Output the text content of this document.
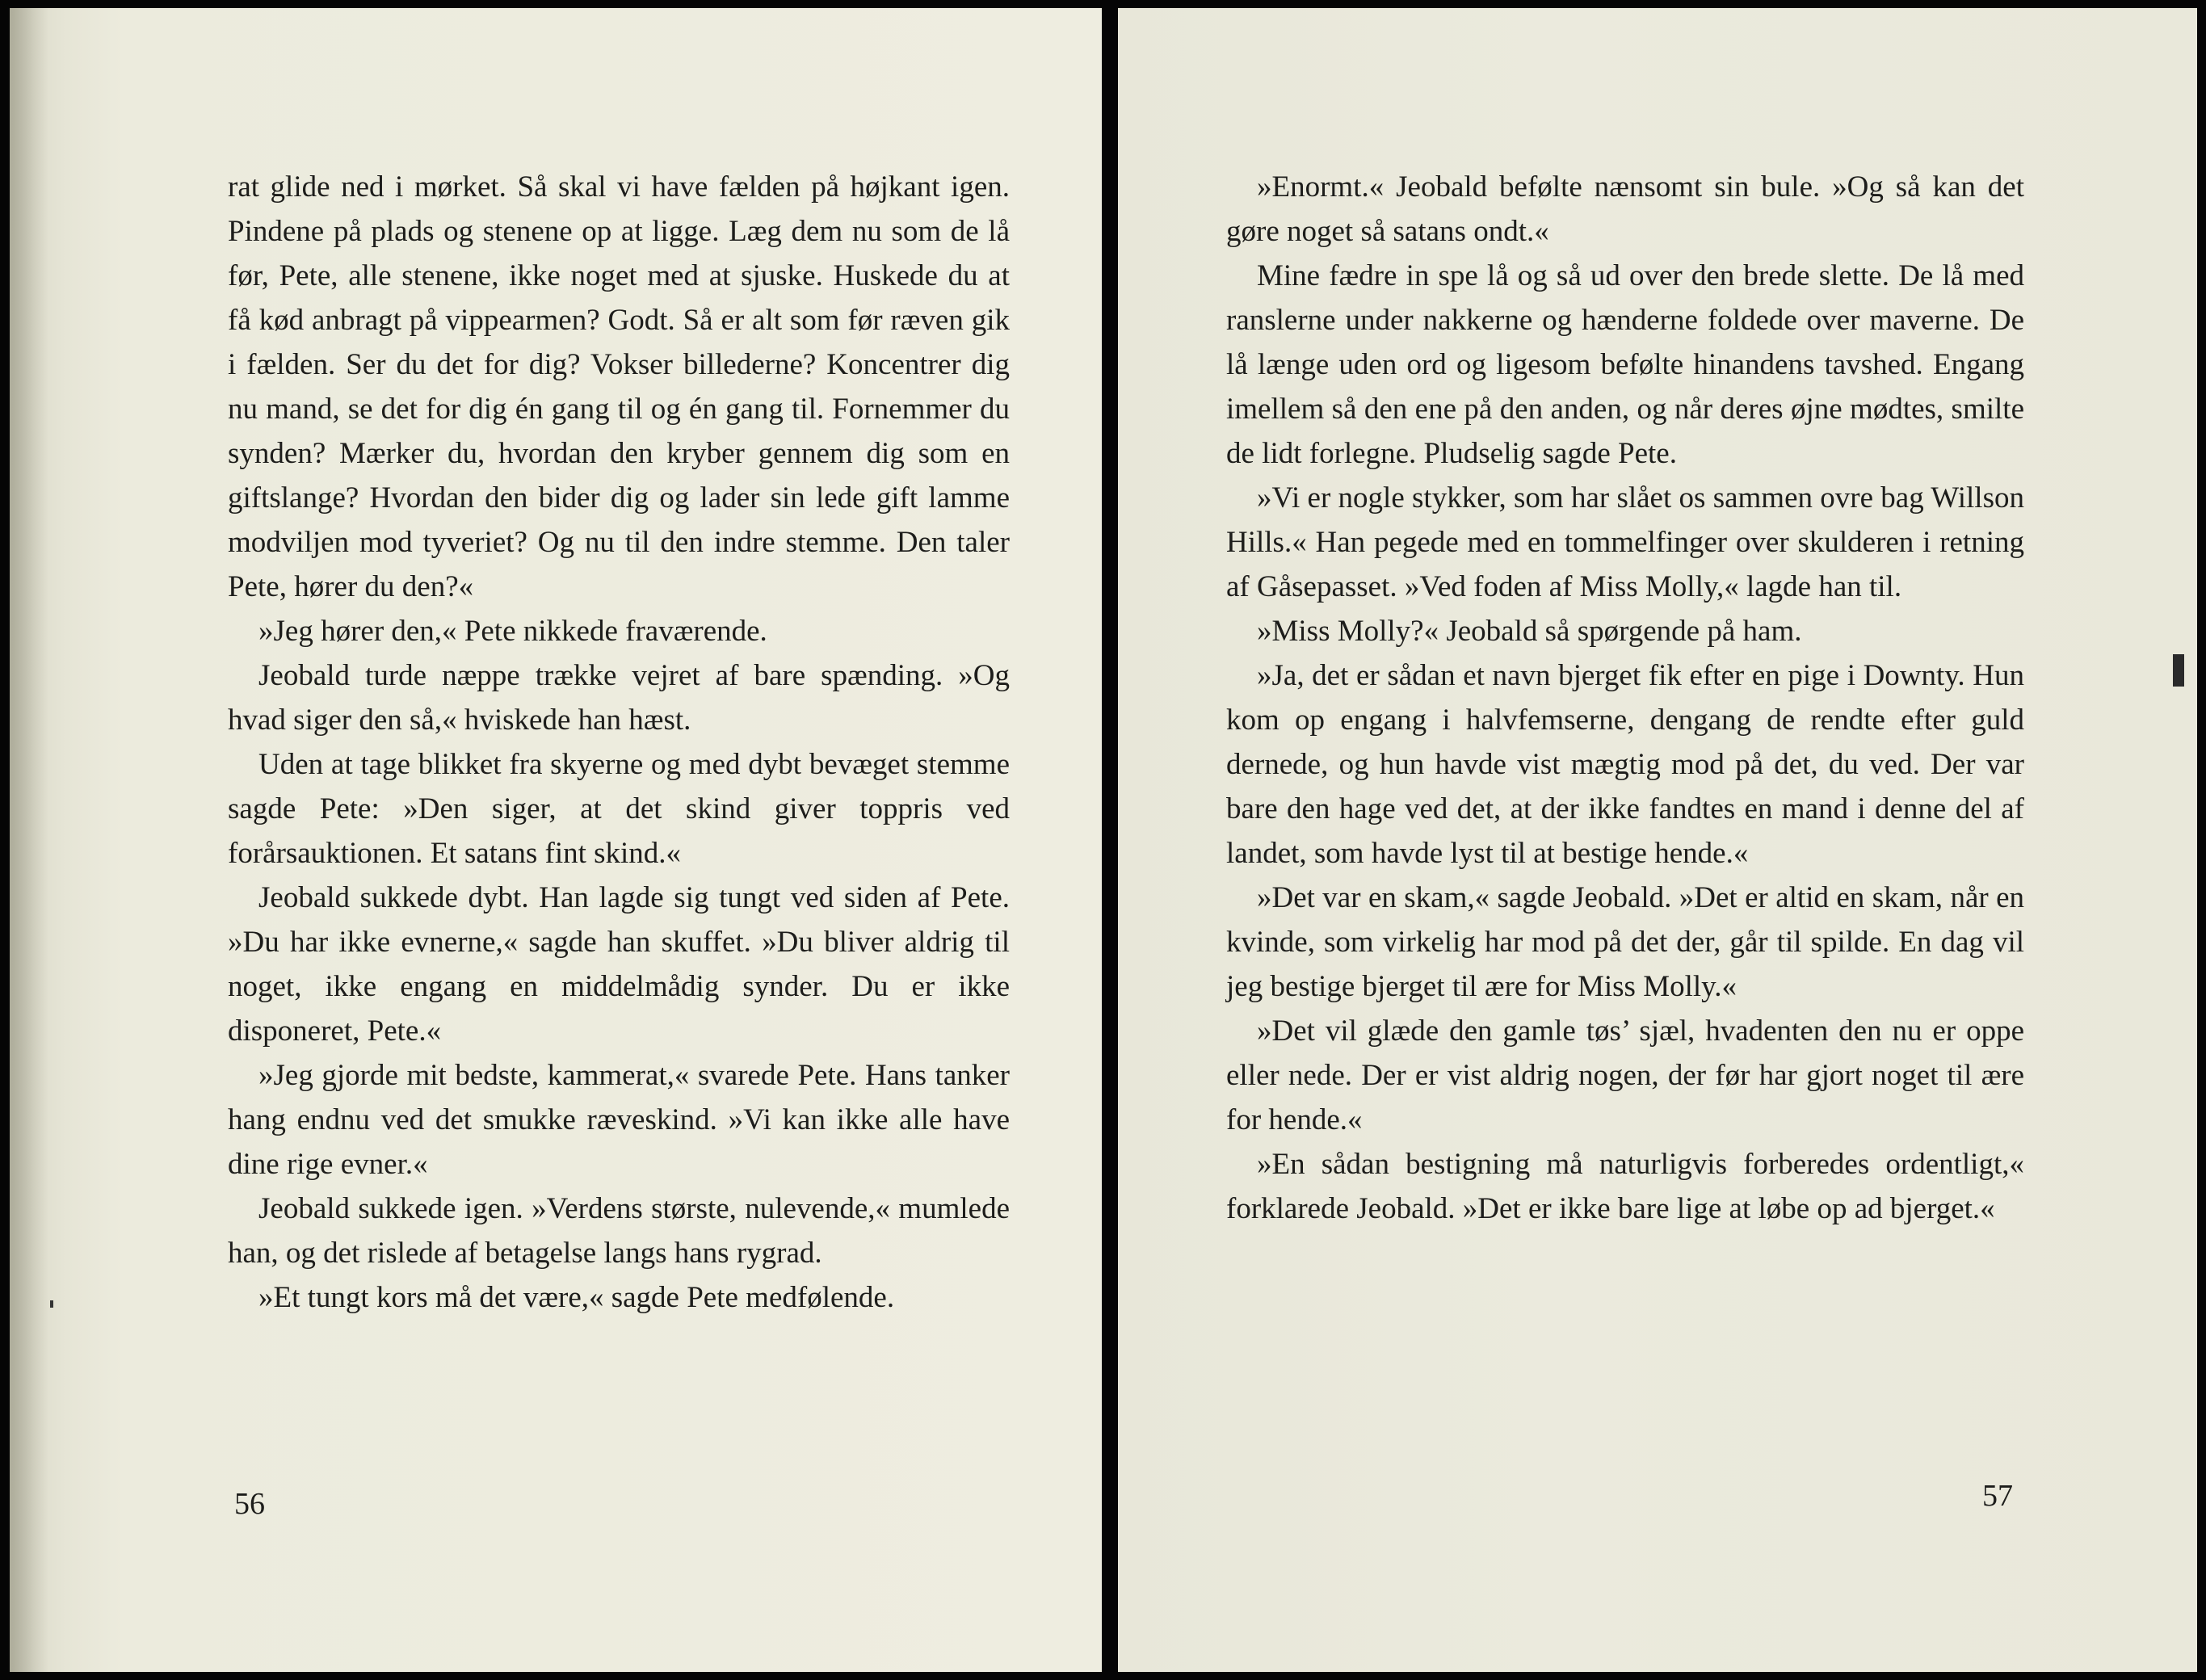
rat glide ned i mørket. Så skal vi have fælden på højkant igen. Pindene på plads og stenene op at ligge. Læg dem nu som de lå før, Pete, alle stenene, ikke noget med at sjuske. Huskede du at få kød anbragt på vippearmen? Godt. Så er alt som før ræven gik i fælden. Ser du det for dig? Vokser billederne? Koncentrer dig nu mand, se det for dig én gang til og én gang til. Fornemmer du synden? Mærker du, hvordan den kryber gennem dig som en giftslange? Hvordan den bider dig og lader sin lede gift lamme modviljen mod tyveriet? Og nu til den indre stemme. Den taler Pete, hører du den?«

»Jeg hører den,« Pete nikkede fraværende.

Jeobald turde næppe trække vejret af bare spænding. »Og hvad siger den så,« hviskede han hæst.

Uden at tage blikket fra skyerne og med dybt bevæget stemme sagde Pete: »Den siger, at det skind giver toppris ved forårsauktionen. Et satans fint skind.«

Jeobald sukkede dybt. Han lagde sig tungt ved siden af Pete. »Du har ikke evnerne,« sagde han skuffet. »Du bliver aldrig til noget, ikke engang en middelmådig synder. Du er ikke disponeret, Pete.«

»Jeg gjorde mit bedste, kammerat,« svarede Pete. Hans tanker hang endnu ved det smukke ræveskind. »Vi kan ikke alle have dine rige evner.«

Jeobald sukkede igen. »Verdens største, nulevende,« mumlede han, og det rislede af betagelse langs hans rygrad.

»Et tungt kors må det være,« sagde Pete medfølende.

56

»Enormt.« Jeobald befølte nænsomt sin bule. »Og så kan det gøre noget så satans ondt.«

Mine fædre in spe lå og så ud over den brede slette. De lå med ranslerne under nakkerne og hænderne foldede over maverne. De lå længe uden ord og ligesom befølte hinandens tavshed. Engang imellem så den ene på den anden, og når deres øjne mødtes, smilte de lidt forlegne. Pludselig sagde Pete.

»Vi er nogle stykker, som har slået os sammen ovre bag Willson Hills.« Han pegede med en tommelfinger over skulderen i retning af Gåsepasset. »Ved foden af Miss Molly,« lagde han til.

»Miss Molly?« Jeobald så spørgende på ham.

»Ja, det er sådan et navn bjerget fik efter en pige i Downty. Hun kom op engang i halvfemserne, dengang de rendte efter guld dernede, og hun havde vist mægtig mod på det, du ved. Der var bare den hage ved det, at der ikke fandtes en mand i denne del af landet, som havde lyst til at bestige hende.«

»Det var en skam,« sagde Jeobald. »Det er altid en skam, når en kvinde, som virkelig har mod på det der, går til spilde. En dag vil jeg bestige bjerget til ære for Miss Molly.«

»Det vil glæde den gamle tøs’ sjæl, hvadenten den nu er oppe eller nede. Der er vist aldrig nogen, der før har gjort noget til ære for hende.«

»En sådan bestigning må naturligvis forberedes ordentligt,« forklarede Jeobald. »Det er ikke bare lige at løbe op ad bjerget.«

57
